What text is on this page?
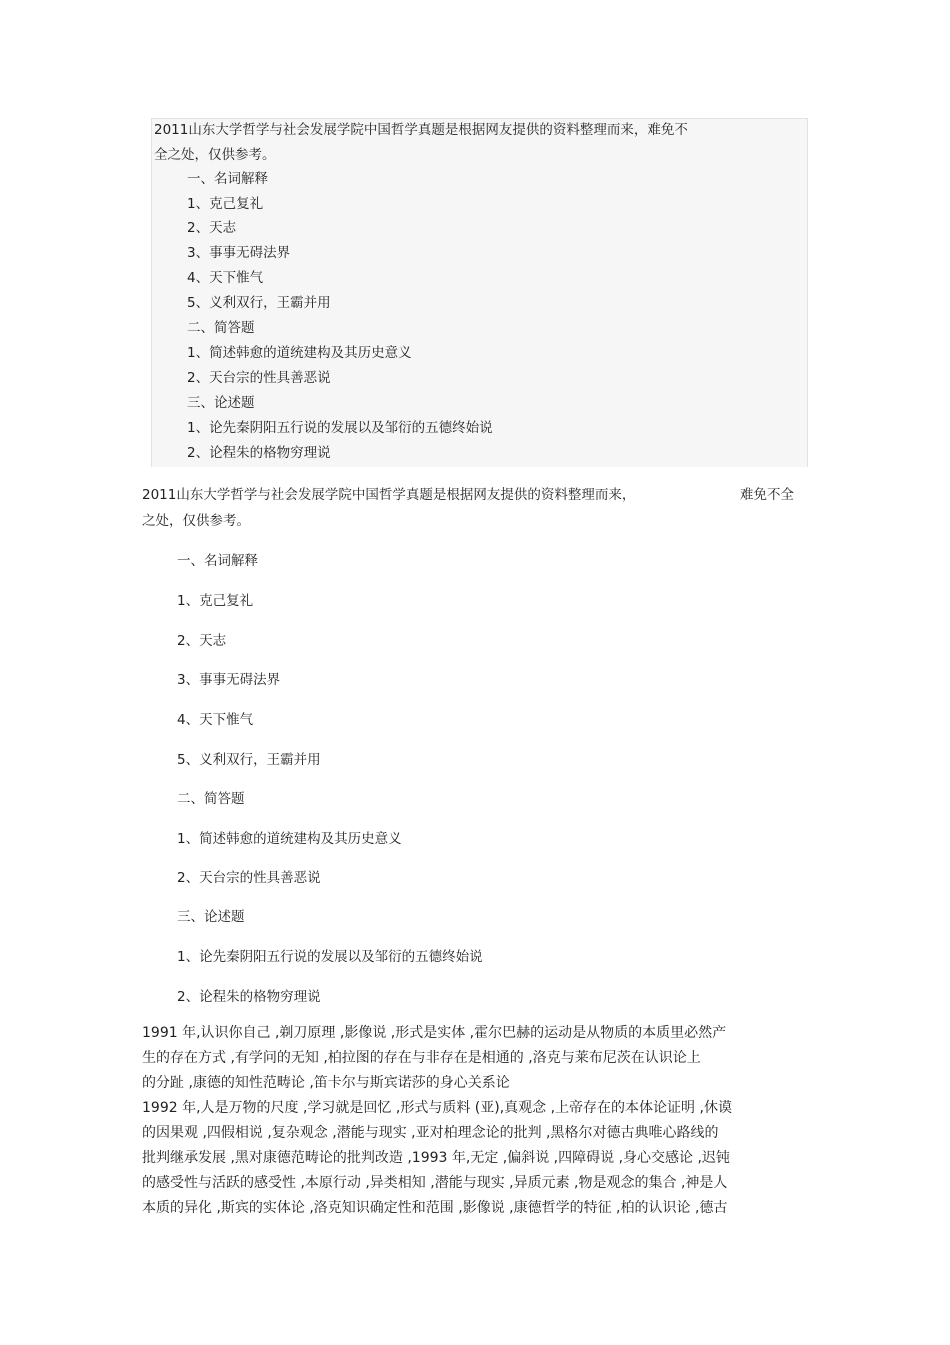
2011山东大学哲学与社会发展学院中国哲学真题是根据网友提供的资料整理而来，难免不
全之处，仅供参考。
一、名词解释
1、克己复礼
2、天志
3、事事无碍法界
4、天下惟气
5、义利双行，王霸并用
二、简答题
1、简述韩愈的道统建构及其历史意义
2、天台宗的性具善恶说
三、论述题
1、论先秦阴阳五行说的发展以及邹衍的五德终始说
2、论程朱的格物穷理说
2011山东大学哲学与社会发展学院中国哲学真题是根据网友提供的资料整理而来，	难免不全
之处，仅供参考。
一、名词解释
1、克己复礼
2、天志
3、事事无碍法界
4、天下惟气
5、义利双行，王霸并用
二、简答题
1、简述韩愈的道统建构及其历史意义
2、天台宗的性具善恶说
三、论述题
1、论先秦阴阳五行说的发展以及邹衍的五德终始说
2、论程朱的格物穷理说
1991 年,认识你自己 ,剃刀原理 ,影像说 ,形式是实体 ,霍尔巴赫的运动是从物质的本质里必然产
生的存在方式 ,有学问的无知 ,柏拉图的存在与非存在是相通的 ,洛克与莱布尼茨在认识论上
的分趾 ,康德的知性范畴论 ,笛卡尔与斯宾诺莎的身心关系论
1992 年,人是万物的尺度 ,学习就是回忆 ,形式与质料 (亚),真观念 ,上帝存在的本体论证明 ,休谟
的因果观 ,四假相说 ,复杂观念 ,潜能与现实 ,亚对柏理念论的批判 ,黑格尔对德古典唯心路线的
批判继承发展 ,黑对康德范畴论的批判改造 ,1993 年,无定 ,偏斜说 ,四障碍说 ,身心交感论 ,迟钝
的感受性与活跃的感受性 ,本原行动 ,异类相知 ,潜能与现实 ,异质元素 ,物是观念的集合 ,神是人
本质的异化 ,斯宾的实体论 ,洛克知识确定性和范围 ,影像说 ,康德哲学的特征 ,柏的认识论 ,德古
